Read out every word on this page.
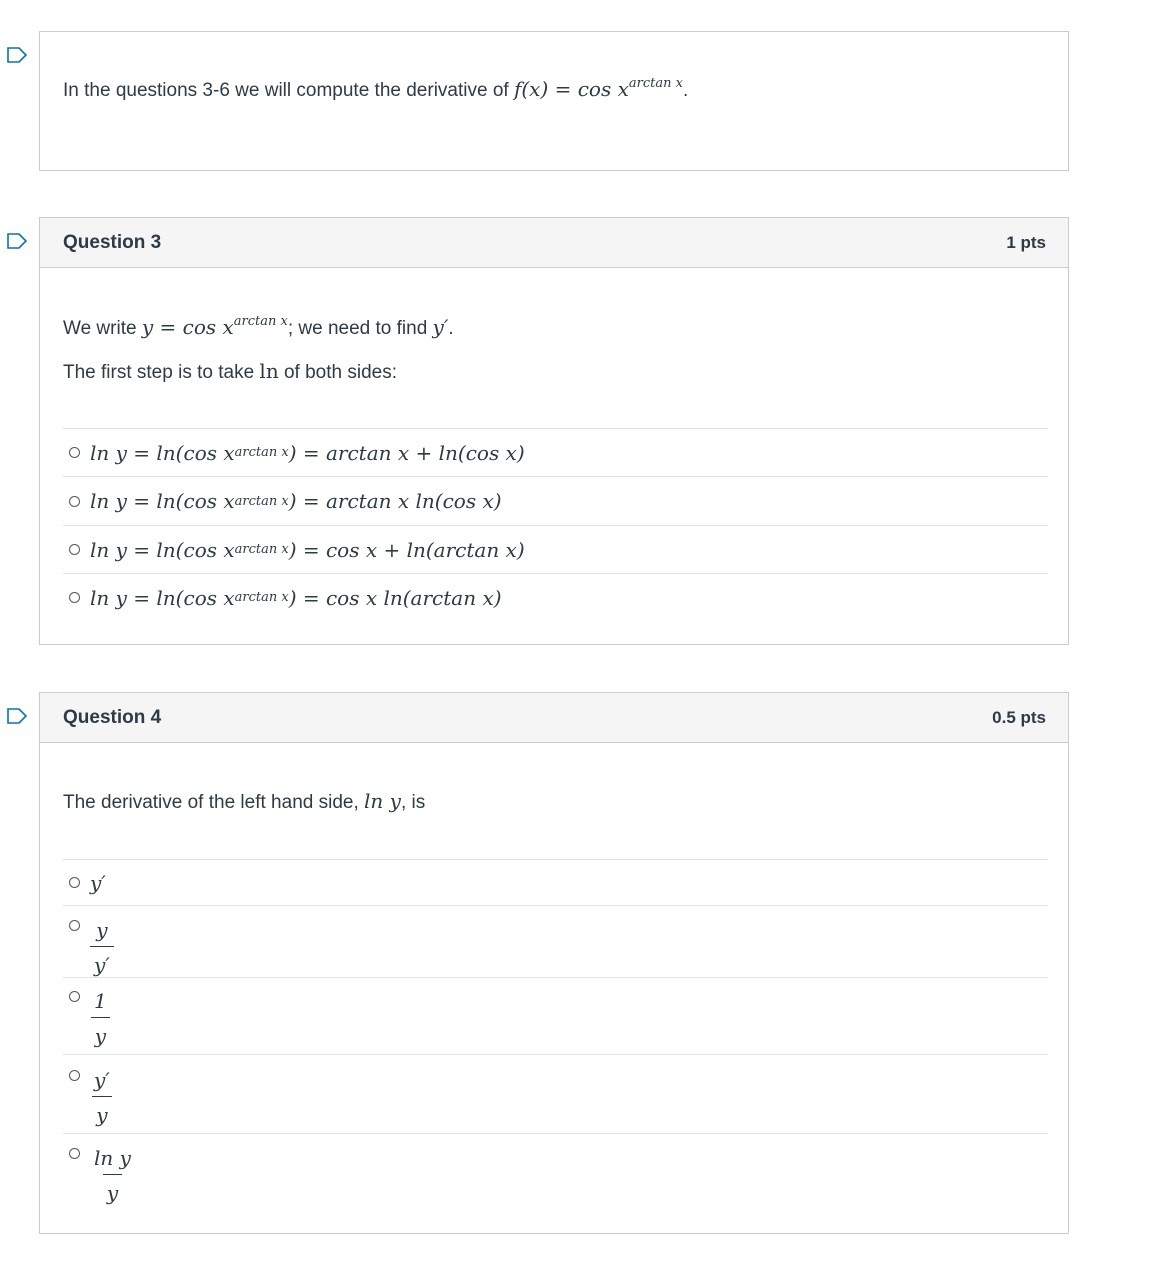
In the questions 3-6 we will compute the derivative of $f(x) = \cos x^{arctan x}$.
Question 3	1 pts
We write $y = \cos x^{arctan x}$; we need to find y′.
The first step is to take ln of both sides:
ln y = ln(cos x arctan x ) = arctan x + ln(cos x)
ln y = ln(cos x arctan x ) = arctan x ln(cos x)
ln y = ln(cos x arctan x ) = cos x + ln(arctan x)
ln y = ln(cos x arctan x ) = cos x ln(arctan x)
Question 4	0.5 pts
The derivative of the left hand side, ln y, is
y′
$\frac{y}{y'}$
$\frac{1}{y}$
$\frac{y'}{y}$
$\frac{\text{ln y}}{y}$
